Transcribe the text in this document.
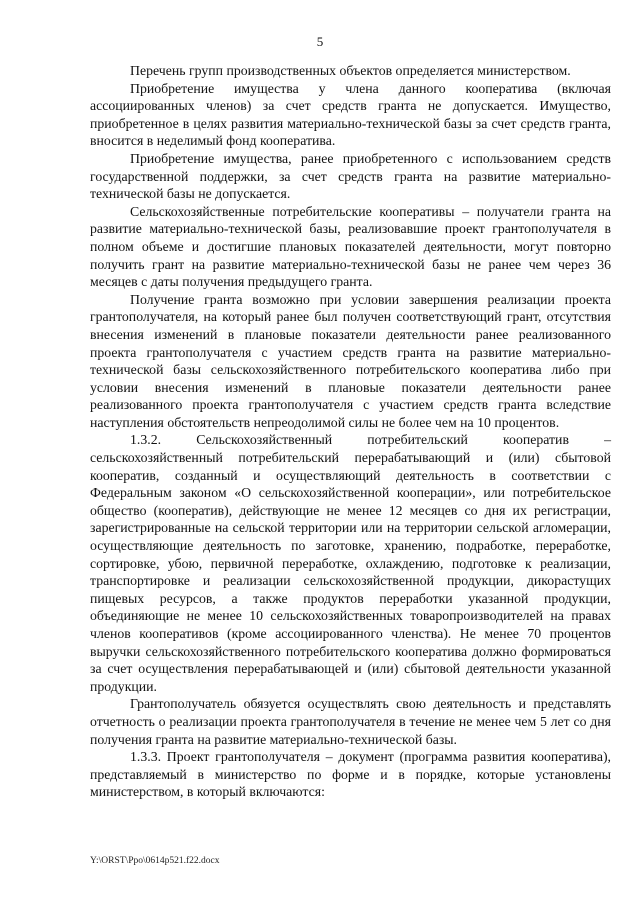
5

Перечень групп производственных объектов определяется министерством.

Приобретение имущества у члена данного кооператива (включая ассоциированных членов) за счет средств гранта не допускается. Имущество, приобретенное в целях развития материально-технической базы за счет средств гранта, вносится в неделимый фонд кооператива.

Приобретение имущества, ранее приобретенного с использованием средств государственной поддержки, за счет средств гранта на развитие материально-технической базы не допускается.

Сельскохозяйственные потребительские кооперативы – получатели гранта на развитие материально-технической базы, реализовавшие проект грантополучателя в полном объеме и достигшие плановых показателей деятельности, могут повторно получить грант на развитие материально-технической базы не ранее чем через 36 месяцев с даты получения предыдущего гранта.

Получение гранта возможно при условии завершения реализации проекта грантополучателя, на который ранее был получен соответствующий грант, отсутствия внесения изменений в плановые показатели деятельности ранее реализованного проекта грантополучателя с участием средств гранта на развитие материально-технической базы сельскохозяйственного потребительского кооператива либо при условии внесения изменений в плановые показатели деятельности ранее реализованного проекта грантополучателя с участием средств гранта вследствие наступления обстоятельств непреодолимой силы не более чем на 10 процентов.

1.3.2. Сельскохозяйственный потребительский кооператив – сельскохозяйственный потребительский перерабатывающий и (или) сбытовой кооператив, созданный и осуществляющий деятельность в соответствии с Федеральным законом «О сельскохозяйственной кооперации», или потребительское общество (кооператив), действующие не менее 12 месяцев со дня их регистрации, зарегистрированные на сельской территории или на территории сельской агломерации, осуществляющие деятельность по заготовке, хранению, подработке, переработке, сортировке, убою, первичной переработке, охлаждению, подготовке к реализации, транспортировке и реализации сельскохозяйственной продукции, дикорастущих пищевых ресурсов, а также продуктов переработки указанной продукции, объединяющие не менее 10 сельскохозяйственных товаропроизводителей на правах членов кооперативов (кроме ассоциированного членства). Не менее 70 процентов выручки сельскохозяйственного потребительского кооператива должно формироваться за счет осуществления перерабатывающей и (или) сбытовой деятельности указанной продукции.

Грантополучатель обязуется осуществлять свою деятельность и представлять отчетность о реализации проекта грантополучателя в течение не менее чем 5 лет со дня получения гранта на развитие материально-технической базы.

1.3.3. Проект грантополучателя – документ (программа развития кооператива), представляемый в министерство по форме и в порядке, которые установлены министерством, в который включаются:

Y:\ORST\Ppo\0614p521.f22.docx
